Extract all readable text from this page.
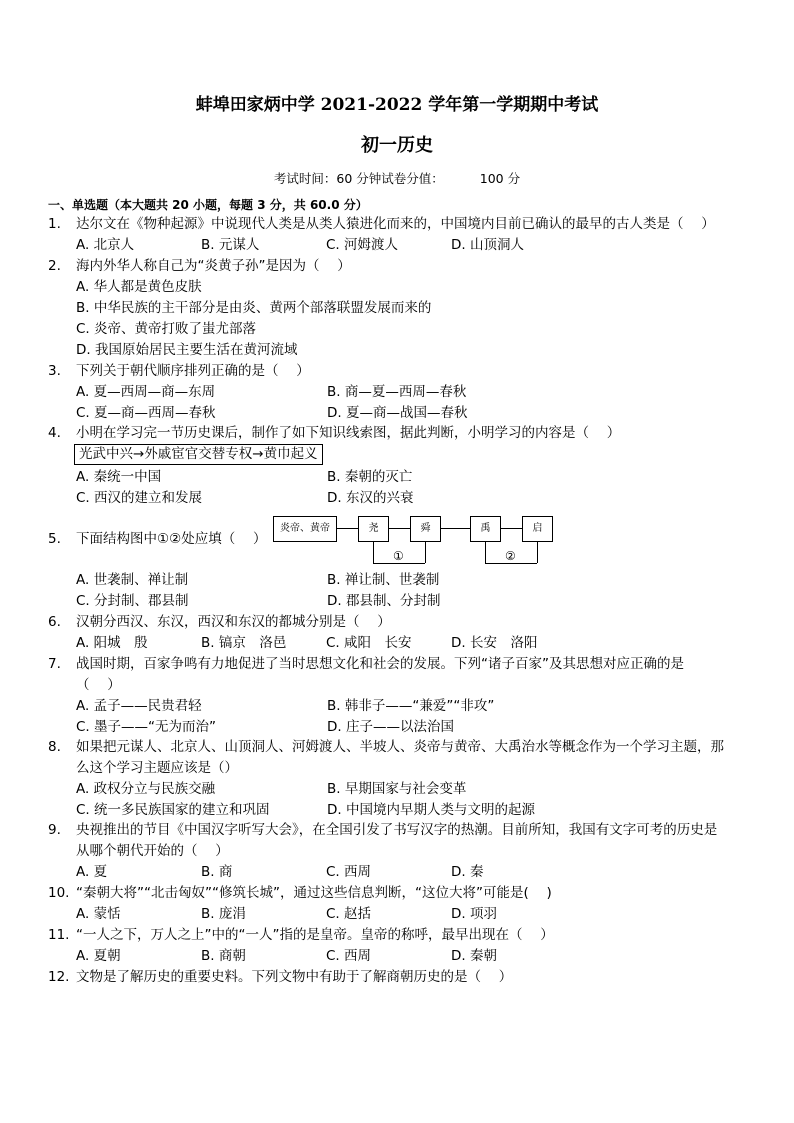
蚌埠田家炳中学 2021-2022 学年第一学期期中考试
初一历史
考试时间：60 分钟试卷分值：	100 分
一、单选题（本大题共 20 小题，每题 3 分，共 60.0 分）
1. 达尔文在《物种起源》中说现代人类是从类人猿进化而来的，中国境内目前已确认的最早的古人类是（　 ）
A. 北京人	B. 元谋人	C. 河姆渡人	D. 山顶洞人
2. 海内外华人称自己为“炎黄子孙”是因为（　 ）
A. 华人都是黄色皮肤
B. 中华民族的主干部分是由炎、黄两个部落联盟发展而来的
C. 炎帝、黄帝打败了蚩尤部落
D. 我国原始居民主要生活在黄河流域
3. 下列关于朝代顺序排列正确的是（　 ）
A. 夏—西周—商—东周	B. 商—夏—西周—春秋
C. 夏—商—西周—春秋	D. 夏—商—战国—春秋
4. 小明在学习完一节历史课后，制作了如下知识线索图，据此判断，小明学习的内容是（　 ）
光武中兴→外戚宦官交替专权→黄巾起义
A. 秦统一中国	B. 秦朝的灭亡
C. 西汉的建立和发展	D. 东汉的兴衰
5. 下面结构图中①②处应填（　 ）
炎帝、黄帝	尧	舜	禹	启
①	②
A. 世袭制、禅让制	B. 禅让制、世袭制
C. 分封制、郡县制	D. 郡县制、分封制
6. 汉朝分西汉、东汉，西汉和东汉的都城分别是（　 ）
A. 阳城　殷	B. 镐京　洛邑	C. 咸阳　长安	D. 长安　洛阳
7. 战国时期，百家争鸣有力地促进了当时思想文化和社会的发展。下列“诸子百家”及其思想对应正确的是
（　 ）
A. 孟子——民贵君轻	B. 韩非子——“兼爱”“非攻”
C. 墨子——“无为而治”	D. 庄子——以法治国
8. 如果把元谋人、北京人、山顶洞人、河姆渡人、半坡人、炎帝与黄帝、大禹治水等概念作为一个学习主题，那
么这个学习主题应该是（）
A. 政权分立与民族交融	B. 早期国家与社会变革
C. 统一多民族国家的建立和巩固	D. 中国境内早期人类与文明的起源
9. 央视推出的节目《中国汉字听写大会》，在全国引发了书写汉字的热潮。目前所知，我国有文字可考的历史是
从哪个朝代开始的（　 ）
A. 夏	B. 商	C. 西周	D. 秦
10. “秦朝大将”“北击匈奴”“修筑长城”，通过这些信息判断，“这位大将”可能是(　 )
A. 蒙恬	B. 庞涓	C. 赵括	D. 项羽
11. “一人之下，万人之上”中的“一人”指的是皇帝。皇帝的称呼，最早出现在（　 ）
A. 夏朝	B. 商朝	C. 西周	D. 秦朝
12. 文物是了解历史的重要史料。下列文物中有助于了解商朝历史的是（　 ）
